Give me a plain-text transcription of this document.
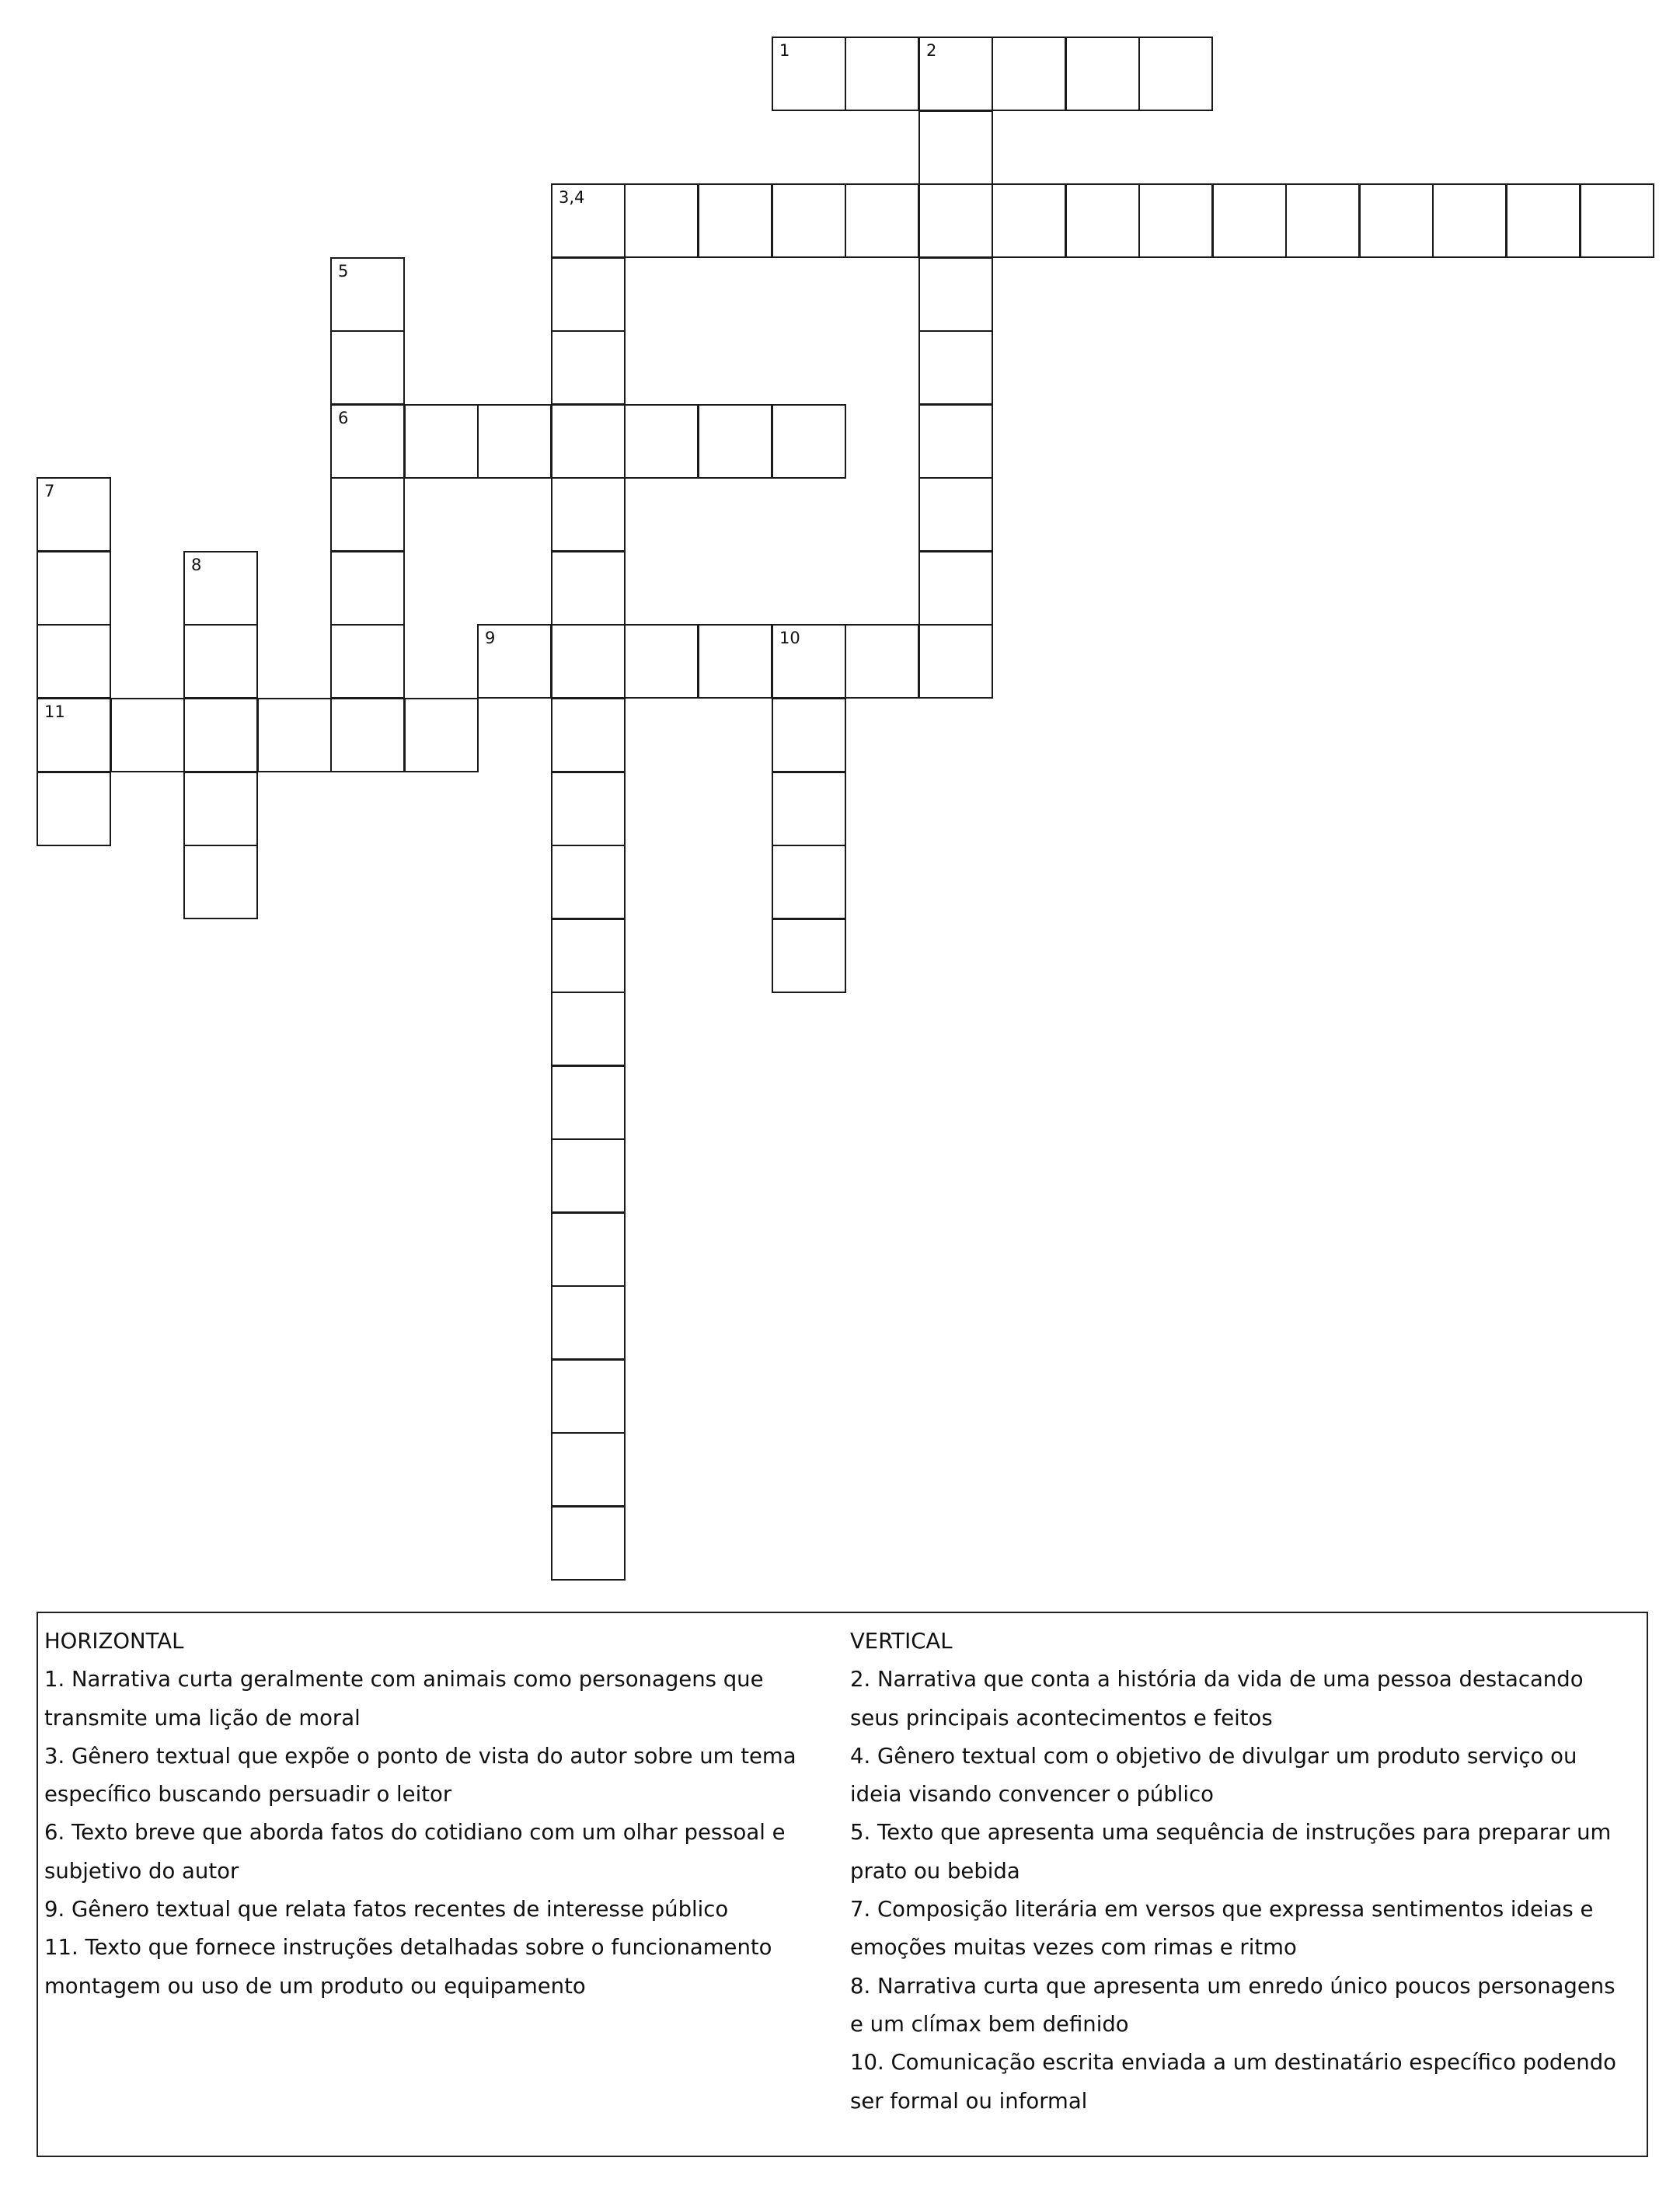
1	2
3,4
5
6
7
11
8
9	10
HORIZONTAL
1. Narrativa curta geralmente com animais como personagens que transmite uma lição de moral
3. Gênero textual que expõe o ponto de vista do autor sobre um tema específico buscando persuadir o leitor
6. Texto breve que aborda fatos do cotidiano com um olhar pessoal e subjetivo do autor
9. Gênero textual que relata fatos recentes de interesse público
11. Texto que fornece instruções detalhadas sobre o funcionamento montagem ou uso de um produto ou equipamento
VERTICAL
2. Narrativa que conta a história da vida de uma pessoa destacando seus principais acontecimentos e feitos
4. Gênero textual com o objetivo de divulgar um produto serviço ou ideia visando convencer o público
5. Texto que apresenta uma sequência de instruções para preparar um prato ou bebida
7. Composição literária em versos que expressa sentimentos ideias e emoções muitas vezes com rimas e ritmo
8. Narrativa curta que apresenta um enredo único poucos personagens e um clímax bem definido
10. Comunicação escrita enviada a um destinatário específico podendo ser formal ou informal
